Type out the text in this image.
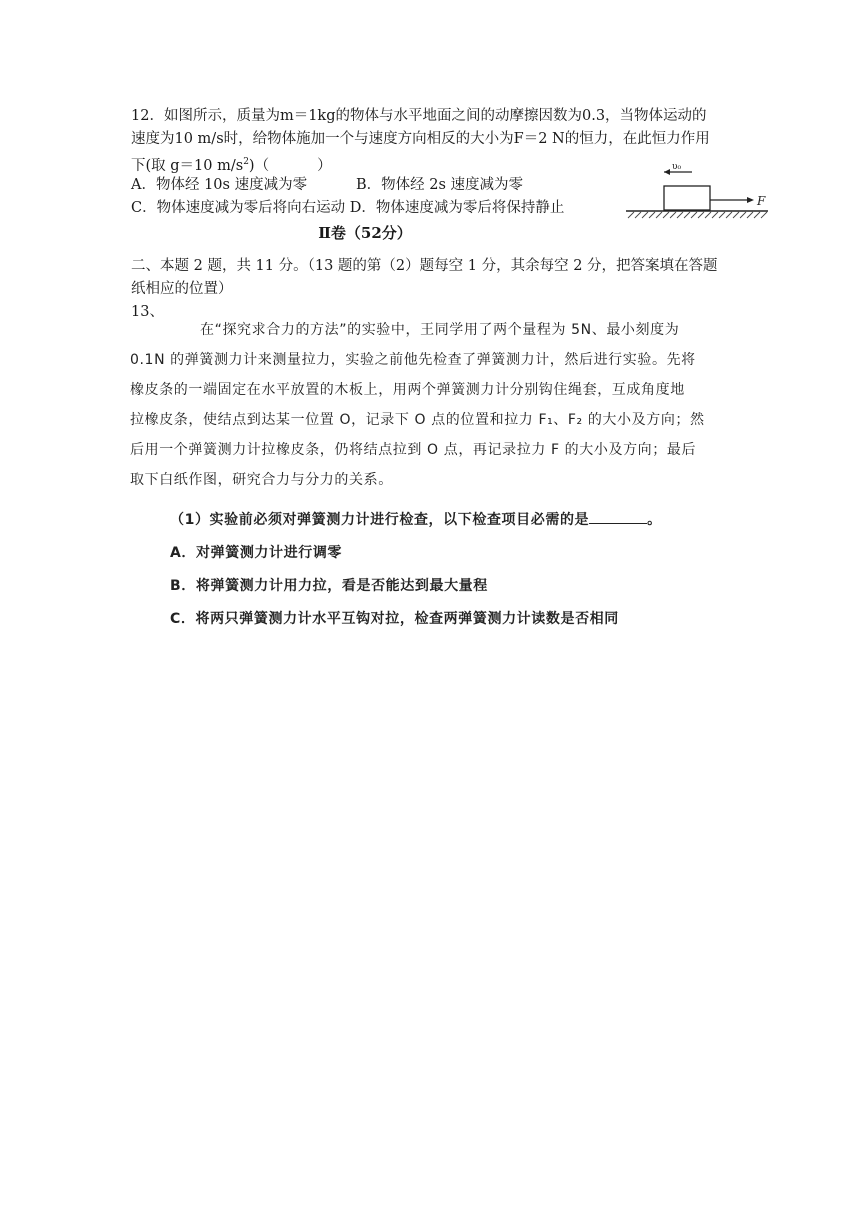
12．如图所示，质量为m＝1kg的物体与水平地面之间的动摩擦因数为0.3，当物体运动的
速度为10 m/s时，给物体施加一个与速度方向相反的大小为F＝2 N的恒力，在此恒力作用
下(取 g＝10 $m/s^2$)（	）
A．物体经 10s 速度减为零	B．物体经 2s 速度减为零
C．物体速度减为零后将向右运动 D．物体速度减为零后将保持静止
υ₀
F
Ⅱ卷（52分）
二、本题 2 题，共 11 分。（13 题的第（2）题每空 1 分，其余每空 2 分，把答案填在答题
纸相应的位置）
13、
在“探究求合力的方法”的实验中，王同学用了两个量程为 5N、最小刻度为
0.1N 的弹簧测力计来测量拉力，实验之前他先检查了弹簧测力计，然后进行实验。先将
橡皮条的一端固定在水平放置的木板上，用两个弹簧测力计分别钩住绳套，互成角度地
拉橡皮条，使结点到达某一位置 O，记录下 O 点的位置和拉力 F₁、F₂ 的大小及方向；然
后用一个弹簧测力计拉橡皮条，仍将结点拉到 O 点，再记录拉力 F 的大小及方向；最后
取下白纸作图，研究合力与分力的关系。
（1）实验前必须对弹簧测力计进行检查，以下检查项目必需的是	。
A．对弹簧测力计进行调零
B．将弹簧测力计用力拉，看是否能达到最大量程
C．将两只弹簧测力计水平互钩对拉，检查两弹簧测力计读数是否相同
